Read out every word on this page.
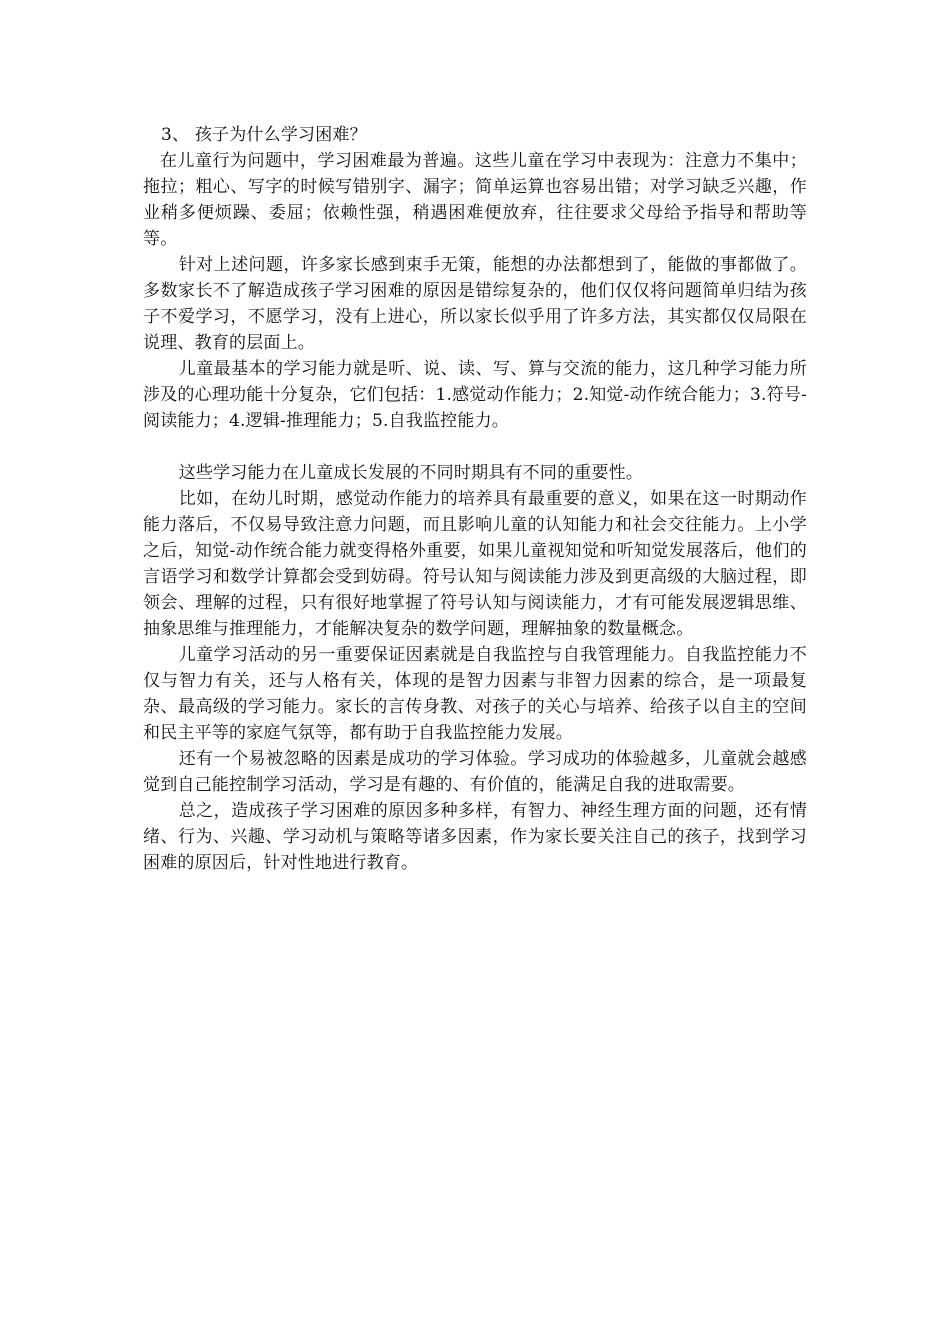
3、 孩子为什么学习困难？

在儿童行为问题中，学习困难最为普遍。这些儿童在学习中表现为：注意力不集中；拖拉；粗心、写字的时候写错别字、漏字；简单运算也容易出错；对学习缺乏兴趣，作业稍多便烦躁、委屈；依赖性强，稍遇困难便放弃，往往要求父母给予指导和帮助等等。

针对上述问题，许多家长感到束手无策，能想的办法都想到了，能做的事都做了。多数家长不了解造成孩子学习困难的原因是错综复杂的，他们仅仅将问题简单归结为孩子不爱学习，不愿学习，没有上进心，所以家长似乎用了许多方法，其实都仅仅局限在说理、教育的层面上。

儿童最基本的学习能力就是听、说、读、写、算与交流的能力，这几种学习能力所涉及的心理功能十分复杂，它们包括：1.感觉动作能力；2.知觉-动作统合能力；3.符号-阅读能力；4.逻辑-推理能力；5.自我监控能力。

这些学习能力在儿童成长发展的不同时期具有不同的重要性。

比如，在幼儿时期，感觉动作能力的培养具有最重要的意义，如果在这一时期动作能力落后，不仅易导致注意力问题，而且影响儿童的认知能力和社会交往能力。上小学之后，知觉-动作统合能力就变得格外重要，如果儿童视知觉和听知觉发展落后，他们的言语学习和数学计算都会受到妨碍。符号认知与阅读能力涉及到更高级的大脑过程，即领会、理解的过程，只有很好地掌握了符号认知与阅读能力，才有可能发展逻辑思维、抽象思维与推理能力，才能解决复杂的数学问题，理解抽象的数量概念。

儿童学习活动的另一重要保证因素就是自我监控与自我管理能力。自我监控能力不仅与智力有关，还与人格有关，体现的是智力因素与非智力因素的综合，是一项最复杂、最高级的学习能力。家长的言传身教、对孩子的关心与培养、给孩子以自主的空间和民主平等的家庭气氛等，都有助于自我监控能力发展。

还有一个易被忽略的因素是成功的学习体验。学习成功的体验越多，儿童就会越感觉到自己能控制学习活动，学习是有趣的、有价值的，能满足自我的进取需要。

总之，造成孩子学习困难的原因多种多样，有智力、神经生理方面的问题，还有情绪、行为、兴趣、学习动机与策略等诸多因素，作为家长要关注自己的孩子，找到学习困难的原因后，针对性地进行教育。
